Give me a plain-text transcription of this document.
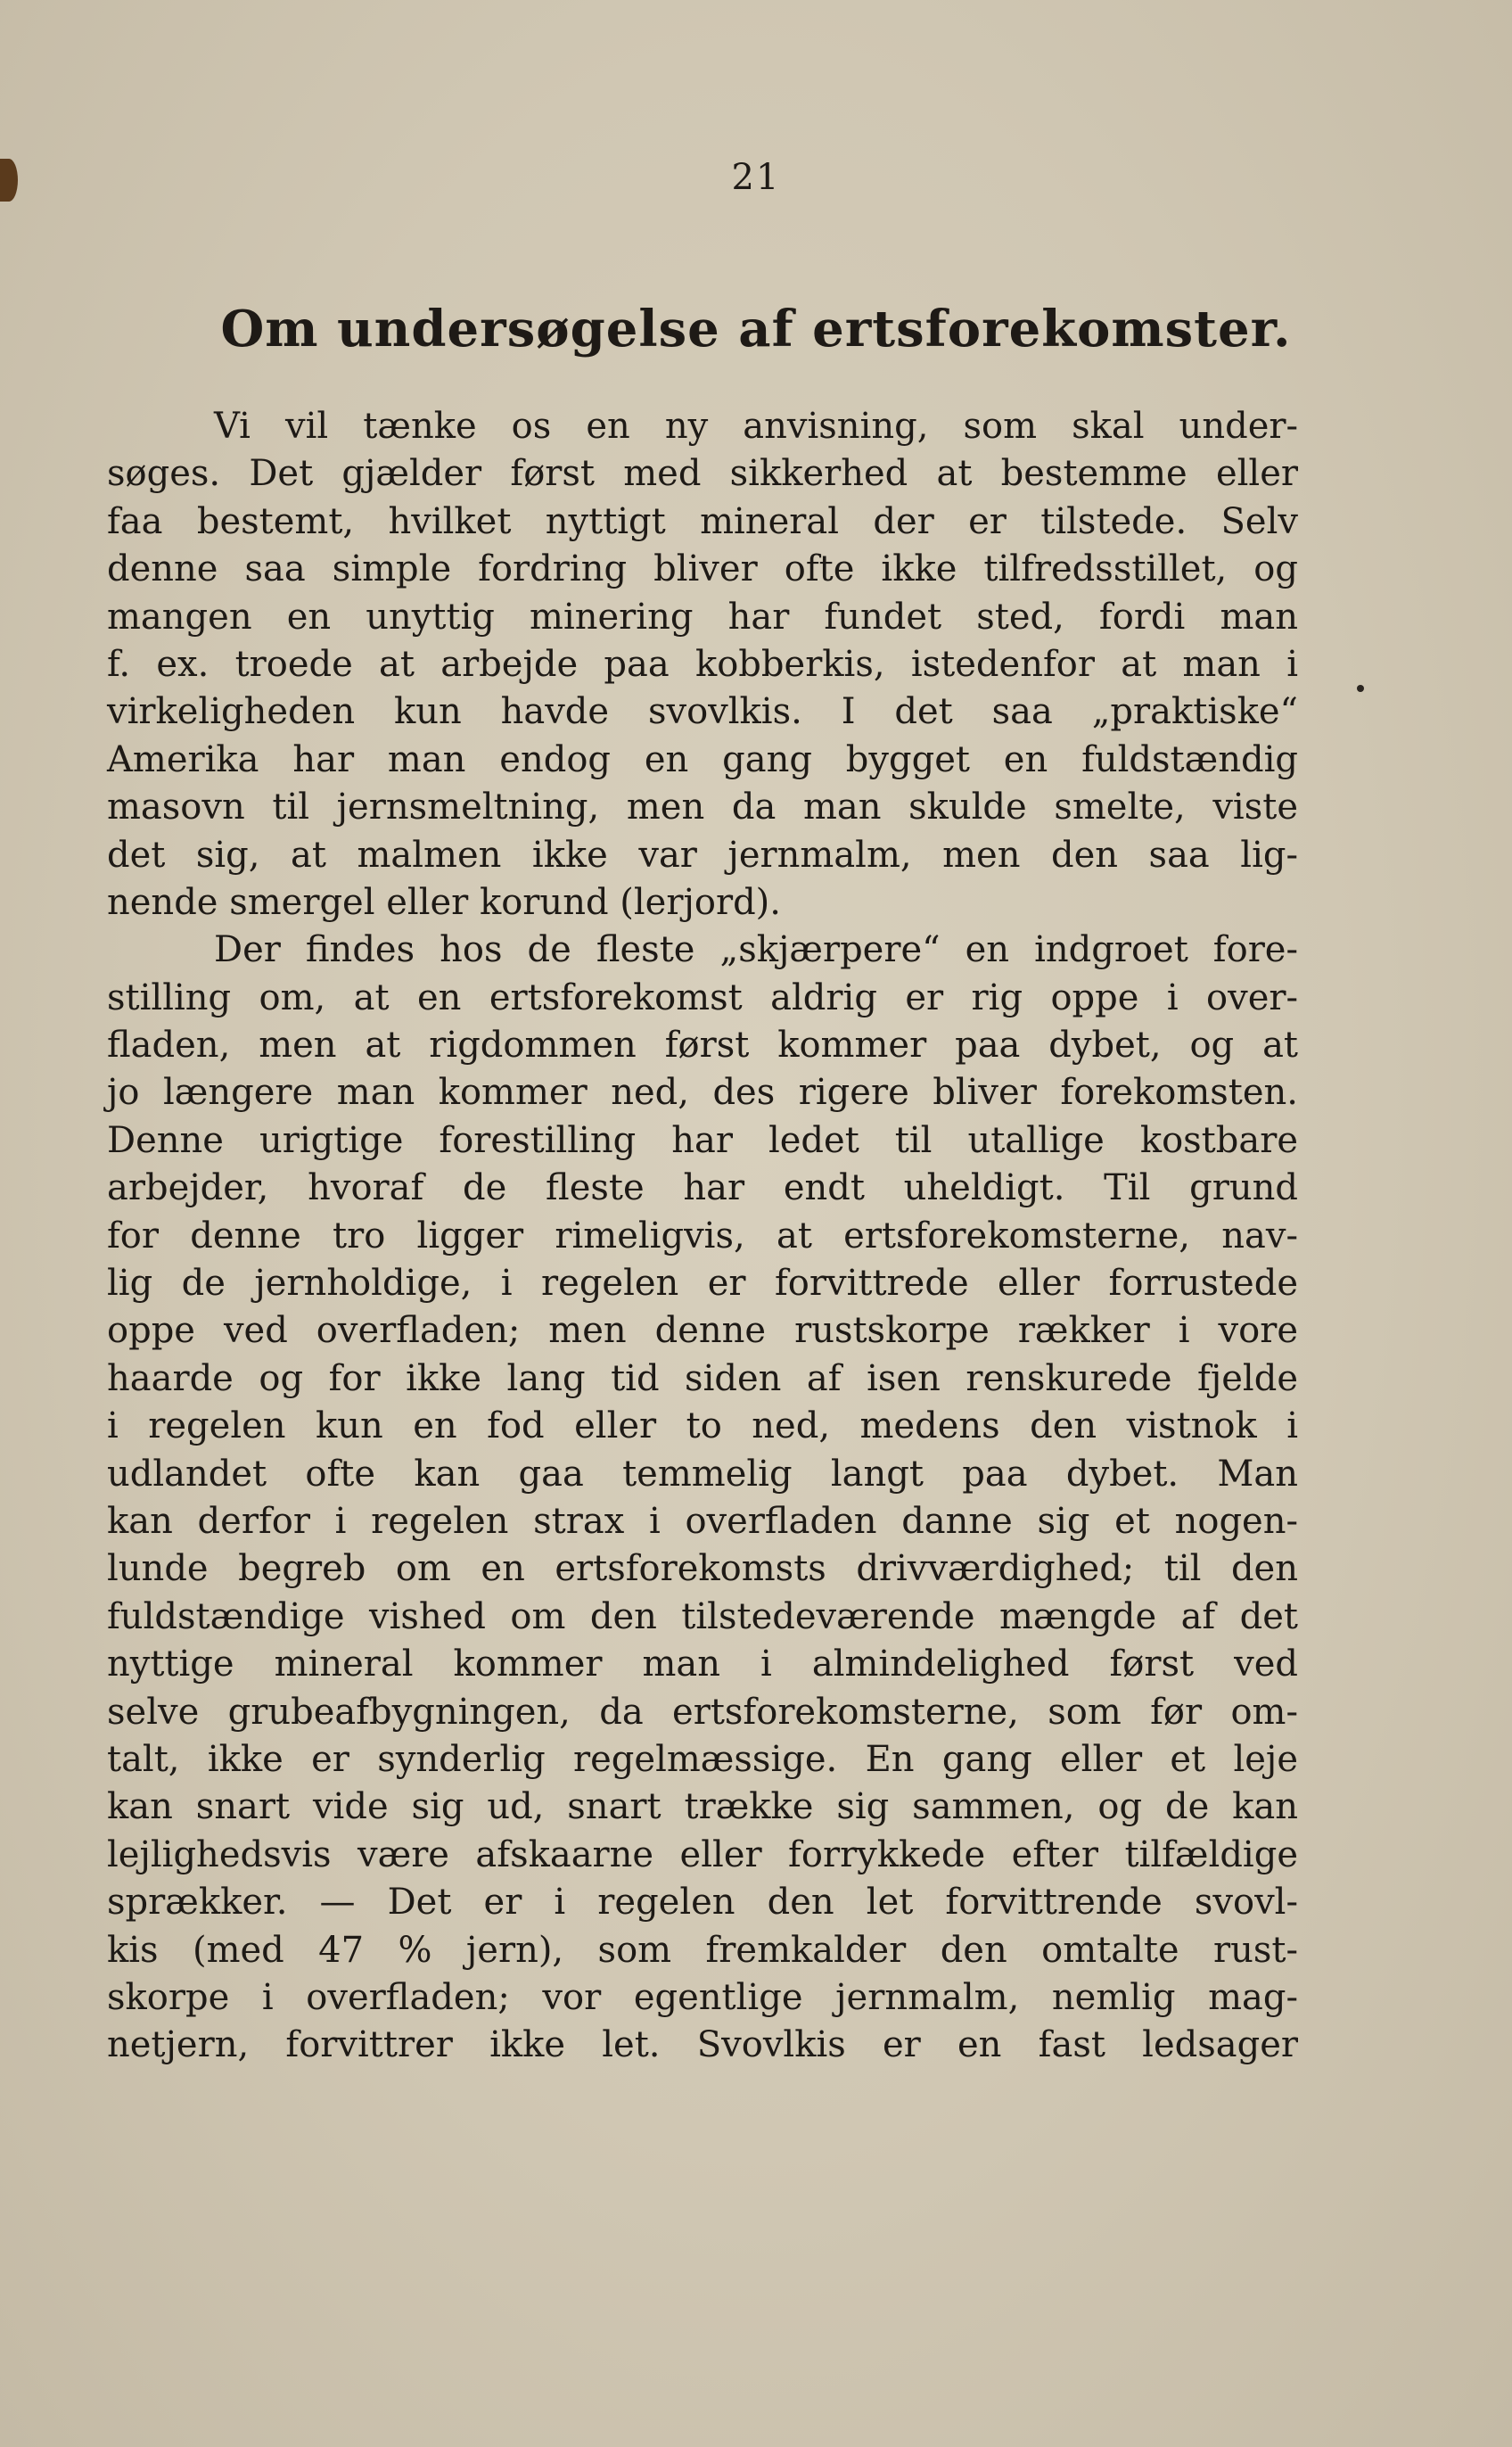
21
Om undersøgelse af ertsforekomster.
Vi vil tænke os en ny anvisning, som skal under-
søges. Det gjælder først med sikkerhed at bestemme eller
faa bestemt, hvilket nyttigt mineral der er tilstede. Selv
denne saa simple fordring bliver ofte ikke tilfredsstillet, og
mangen en unyttig minering har fundet sted, fordi man
f. ex. troede at arbejde paa kobberkis, istedenfor at man i
virkeligheden kun havde svovlkis. I det saa „praktiske“
Amerika har man endog en gang bygget en fuldstændig
masovn til jernsmeltning, men da man skulde smelte, viste
det sig, at malmen ikke var jernmalm, men den saa lig-
nende smergel eller korund (lerjord).
Der findes hos de fleste „skjærpere“ en indgroet fore-
stilling om, at en ertsforekomst aldrig er rig oppe i over-
fladen, men at rigdommen først kommer paa dybet, og at
jo længere man kommer ned, des rigere bliver forekomsten.
Denne urigtige forestilling har ledet til utallige kostbare
arbejder, hvoraf de fleste har endt uheldigt. Til grund
for denne tro ligger rimeligvis, at ertsforekomsterne, nav-
lig de jernholdige, i regelen er forvittrede eller forrustede
oppe ved overfladen; men denne rustskorpe rækker i vore
haarde og for ikke lang tid siden af isen renskurede fjelde
i regelen kun en fod eller to ned, medens den vistnok i
udlandet ofte kan gaa temmelig langt paa dybet. Man
kan derfor i regelen strax i overfladen danne sig et nogen-
lunde begreb om en ertsforekomsts drivværdighed; til den
fuldstændige vished om den tilstedeværende mængde af det
nyttige mineral kommer man i almindelighed først ved
selve grubeafbygningen, da ertsforekomsterne, som før om-
talt, ikke er synderlig regelmæssige. En gang eller et leje
kan snart vide sig ud, snart trække sig sammen, og de kan
lejlighedsvis være afskaarne eller forrykkede efter tilfældige
sprækker. — Det er i regelen den let forvittrende svovl-
kis (med 47 % jern), som fremkalder den omtalte rust-
skorpe i overfladen; vor egentlige jernmalm, nemlig mag-
netjern, forvittrer ikke let. Svovlkis er en fast ledsager
